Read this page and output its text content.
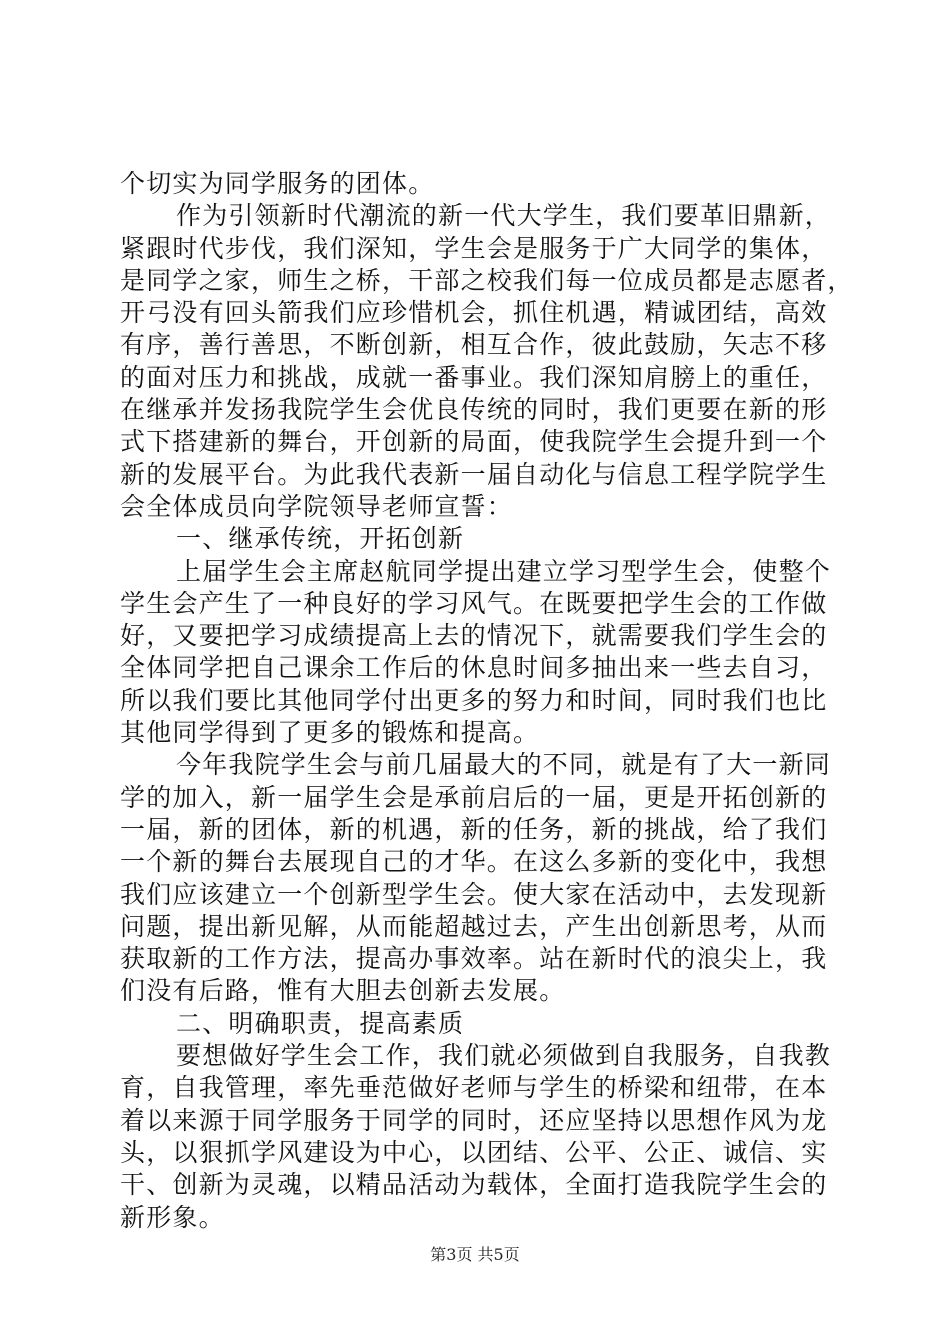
个切实为同学服务的团体。
作为引领新时代潮流的新一代大学生，我们要革旧鼎新，
紧跟时代步伐，我们深知，学生会是服务于广大同学的集体，
是同学之家，师生之桥，干部之校我们每一位成员都是志愿者，
开弓没有回头箭我们应珍惜机会，抓住机遇，精诚团结，高效
有序，善行善思，不断创新，相互合作，彼此鼓励，矢志不移
的面对压力和挑战，成就一番事业。我们深知肩膀上的重任，
在继承并发扬我院学生会优良传统的同时，我们更要在新的形
式下搭建新的舞台，开创新的局面，使我院学生会提升到一个
新的发展平台。为此我代表新一届自动化与信息工程学院学生
会全体成员向学院领导老师宣誓：
一、继承传统，开拓创新
上届学生会主席赵航同学提出建立学习型学生会，使整个
学生会产生了一种良好的学习风气。在既要把学生会的工作做
好，又要把学习成绩提高上去的情况下，就需要我们学生会的
全体同学把自己课余工作后的休息时间多抽出来一些去自习，
所以我们要比其他同学付出更多的努力和时间，同时我们也比
其他同学得到了更多的锻炼和提高。
今年我院学生会与前几届最大的不同，就是有了大一新同
学的加入，新一届学生会是承前启后的一届，更是开拓创新的
一届，新的团体，新的机遇，新的任务，新的挑战，给了我们
一个新的舞台去展现自己的才华。在这么多新的变化中，我想
我们应该建立一个创新型学生会。使大家在活动中，去发现新
问题，提出新见解，从而能超越过去，产生出创新思考，从而
获取新的工作方法，提高办事效率。站在新时代的浪尖上，我
们没有后路，惟有大胆去创新去发展。
二、明确职责，提高素质
要想做好学生会工作，我们就必须做到自我服务，自我教
育，自我管理，率先垂范做好老师与学生的桥梁和纽带，在本
着以来源于同学服务于同学的同时，还应坚持以思想作风为龙
头，以狠抓学风建设为中心，以团结、公平、公正、诚信、实
干、创新为灵魂，以精品活动为载体，全面打造我院学生会的
新形象。
第3页 共5页
